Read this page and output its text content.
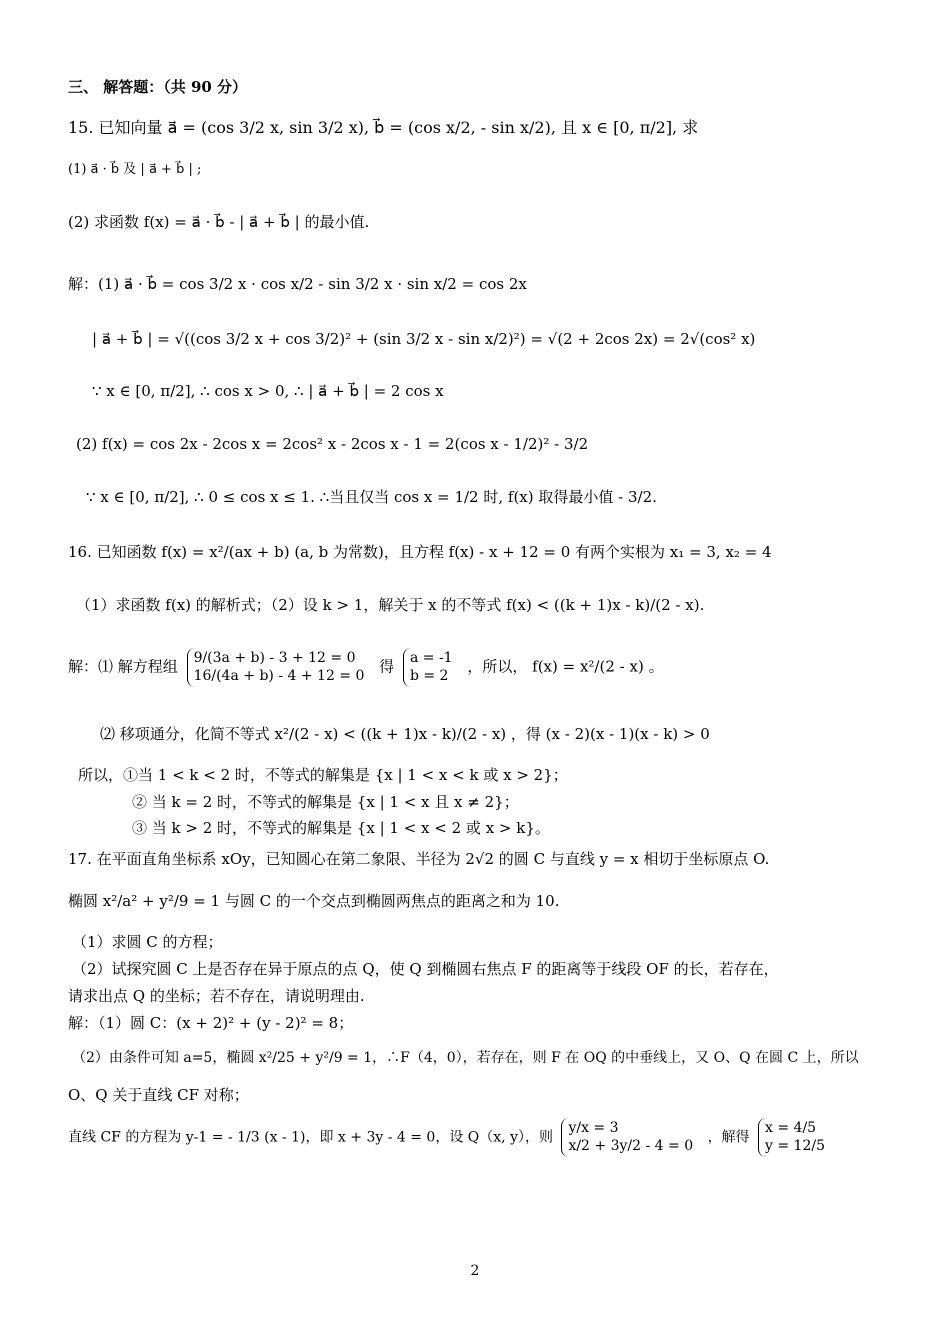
三、 解答题：（共 90 分）
15. 已知向量 a⃗ = (cos 3/2 x, sin 3/2 x), b⃗ = (cos x/2, - sin x/2), 且 x ∈ [0, π/2], 求
(1) a⃗ · b⃗ 及 | a⃗ + b⃗ | ;
(2) 求函数 f(x) = a⃗ · b⃗ - | a⃗ + b⃗ | 的最小值.
解：(1) a⃗ · b⃗ = cos 3/2 x · cos x/2 - sin 3/2 x · sin x/2 = cos 2x
| a⃗ + b⃗ | = √((cos 3/2 x + cos 3/2)² + (sin 3/2 x - sin x/2)²) = √(2 + 2cos 2x) = 2√(cos² x)
∵ x ∈ [0, π/2], ∴ cos x > 0, ∴ | a⃗ + b⃗ | = 2 cos x
(2) f(x) = cos 2x - 2cos x = 2cos² x - 2cos x - 1 = 2(cos x - 1/2)² - 3/2
∵ x ∈ [0, π/2], ∴ 0 ≤ cos x ≤ 1. ∴当且仅当 cos x = 1/2 时, f(x) 取得最小值 - 3/2.
16. 已知函数 f(x) = x²/(ax + b) (a, b 为常数)，且方程 f(x) - x + 12 = 0 有两个实根为 x₁ = 3, x₂ = 4
（1）求函数 f(x) 的解析式；（2）设 k > 1，解关于 x 的不等式 f(x) < ((k + 1)x - k)/(2 - x).
解：⑴ 解方程组 9/(3a + b) - 3 + 12 = 0
16/(4a + b) - 4 + 12 = 0 得 a = -1
b = 2 ，所以， f(x) = x²/(2 - x) 。
⑵ 移项通分，化简不等式 x²/(2 - x) < ((k + 1)x - k)/(2 - x) ，得 (x - 2)(x - 1)(x - k) > 0
所以，①当 1 < k < 2 时，不等式的解集是 {x | 1 < x < k 或 x > 2}；
② 当 k = 2 时，不等式的解集是 {x | 1 < x 且 x ≠ 2}；
③ 当 k > 2 时，不等式的解集是 {x | 1 < x < 2 或 x > k}。
17. 在平面直角坐标系 xOy，已知圆心在第二象限、半径为 2√2 的圆 C 与直线 y = x 相切于坐标原点 O.
椭圆 x²/a² + y²/9 = 1 与圆 C 的一个交点到椭圆两焦点的距离之和为 10.
（1）求圆 C 的方程；
（2）试探究圆 C 上是否存在异于原点的点 Q，使 Q 到椭圆右焦点 F 的距离等于线段 OF 的长，若存在，
请求出点 Q 的坐标；若不存在，请说明理由.
解：（1）圆 C：(x + 2)² + (y - 2)² = 8；
（2）由条件可知 a=5，椭圆 x²/25 + y²/9 = 1，∴F（4，0），若存在，则 F 在 OQ 的中垂线上，又 O、Q 在圆 C 上，所以
O、Q 关于直线 CF 对称；
直线 CF 的方程为 y-1 = - 1/3 (x - 1)，即 x + 3y - 4 = 0，设 Q（x, y），则
y/x = 3
x/2 + 3y/2 - 4 = 0 ，解得
x = 4/5
y = 12/5
2
